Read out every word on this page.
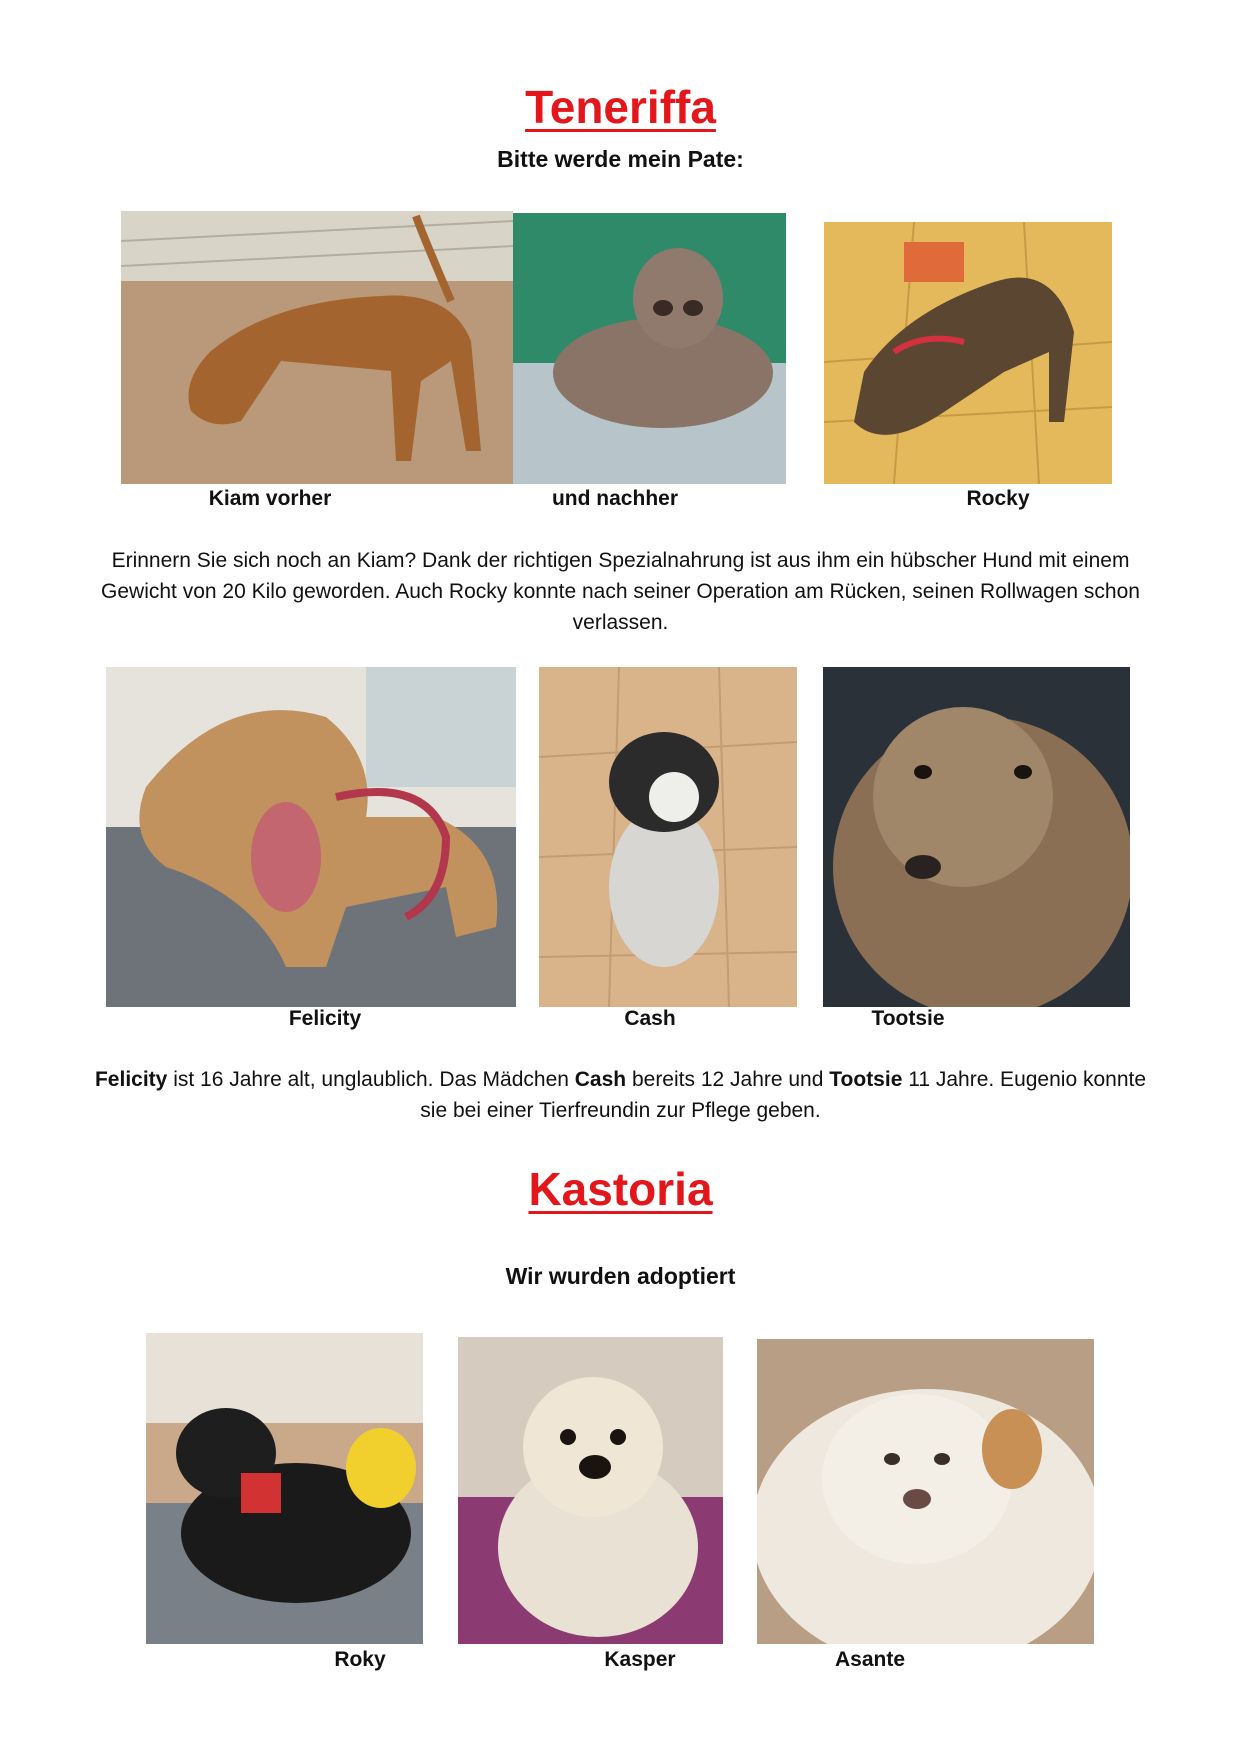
Teneriffa
Bitte werde mein Pate:
Kiam vorher	und nachher	Rocky
Erinnern Sie sich noch an Kiam? Dank der richtigen Spezialnahrung ist aus ihm ein hübscher Hund mit einem Gewicht von 20 Kilo geworden. Auch Rocky konnte nach seiner Operation am Rücken, seinen Rollwagen schon verlassen.
Felicity	Cash	Tootsie
Felicity ist 16 Jahre alt, unglaublich. Das Mädchen Cash bereits 12 Jahre und Tootsie 11 Jahre. Eugenio konnte sie bei einer Tierfreundin zur Pflege geben.
Kastoria
Wir wurden adoptiert
Roky	Kasper	Asante
